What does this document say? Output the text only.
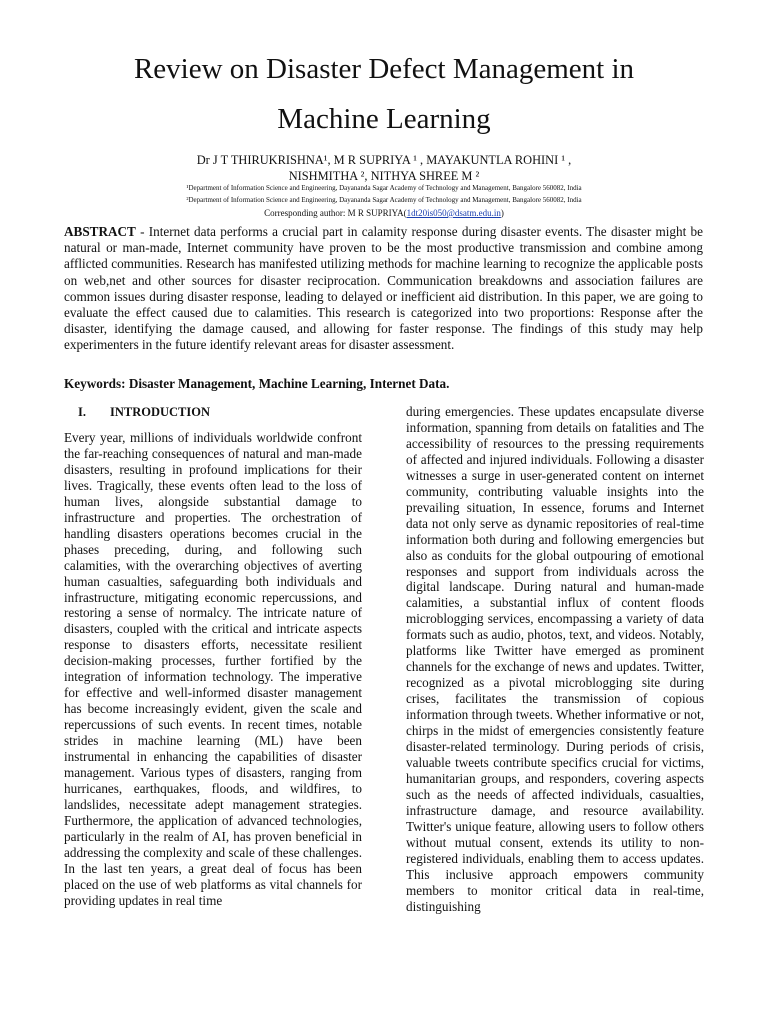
Review on Disaster Defect Management in
Machine Learning
Dr J T THIRUKRISHNA¹, M R SUPRIYA ¹ , MAYAKUNTLA ROHINI ¹ ,
NISHMITHA ², NITHYA SHREE M ²
¹Department of Information Science and Engineering, Dayananda Sagar Academy of Technology and Management, Bangalore 560082, India
²Department of Information Science and Engineering, Dayananda Sagar Academy of Technology and Management, Bangalore 560082, India
Corresponding author: M R SUPRIYA(1dt20is050@dsatm.edu.in)

ABSTRACT - Internet data performs a crucial part in calamity response during disaster events. The disaster might be natural or man-made, Internet community have proven to be the most productive transmission and combine among afflicted communities. Research has manifested utilizing methods for machine learning to recognize the applicable posts on web,net and other sources for disaster reciprocation. Communication breakdowns and association failures are common issues during disaster response, leading to delayed or inefficient aid distribution. In this paper, we are going to evaluate the effect caused due to calamities. This research is categorized into two proportions: Response after the disaster, identifying the damage caused, and allowing for faster response. The findings of this study may help experimenters in the future identify relevant areas for disaster assessment.

Keywords: Disaster Management, Machine Learning, Internet Data.
I. INTRODUCTION
Every year, millions of individuals worldwide confront the far-reaching consequences of natural and man-made disasters, resulting in profound implications for their lives. Tragically, these events often lead to the loss of human lives, alongside substantial damage to infrastructure and properties. The orchestration of handling disasters operations becomes crucial in the phases preceding, during, and following such calamities, with the overarching objectives of averting human casualties, safeguarding both individuals and infrastructure, mitigating economic repercussions, and restoring a sense of normalcy. The intricate nature of disasters, coupled with the critical and intricate aspects response to disasters efforts, necessitate resilient decision-making processes, further fortified by the integration of information technology. The imperative for effective and well-informed disaster management has become increasingly evident, given the scale and repercussions of such events. In recent times, notable strides in machine learning (ML) have been instrumental in enhancing the capabilities of disaster management. Various types of disasters, ranging from hurricanes, earthquakes, floods, and wildfires, to landslides, necessitate adept management strategies. Furthermore, the application of advanced technologies, particularly in the realm of AI, has proven beneficial in addressing the complexity and scale of these challenges. In the last ten years, a great deal of focus has been placed on the use of web platforms as vital channels for providing updates in real time
during emergencies. These updates encapsulate diverse information, spanning from details on fatalities and The accessibility of resources to the pressing requirements of affected and injured individuals. Following a disaster witnesses a surge in user-generated content on internet community, contributing valuable insights into the prevailing situation, In essence, forums and Internet data not only serve as dynamic repositories of real-time information both during and following emergencies but also as conduits for the global outpouring of emotional responses and support from individuals across the digital landscape. During natural and human-made calamities, a substantial influx of content floods microblogging services, encompassing a variety of data formats such as audio, photos, text, and videos. Notably, platforms like Twitter have emerged as prominent channels for the exchange of news and updates. Twitter, recognized as a pivotal microblogging site during crises, facilitates the transmission of copious information through tweets. Whether informative or not, chirps in the midst of emergencies consistently feature disaster-related terminology. During periods of crisis, valuable tweets contribute specifics crucial for victims, humanitarian groups, and responders, covering aspects such as the needs of affected individuals, casualties, infrastructure damage, and resource availability. Twitter's unique feature, allowing users to follow others without mutual consent, extends its utility to non-registered individuals, enabling them to access updates. This inclusive approach empowers community members to monitor critical data in real-time, distinguishing
